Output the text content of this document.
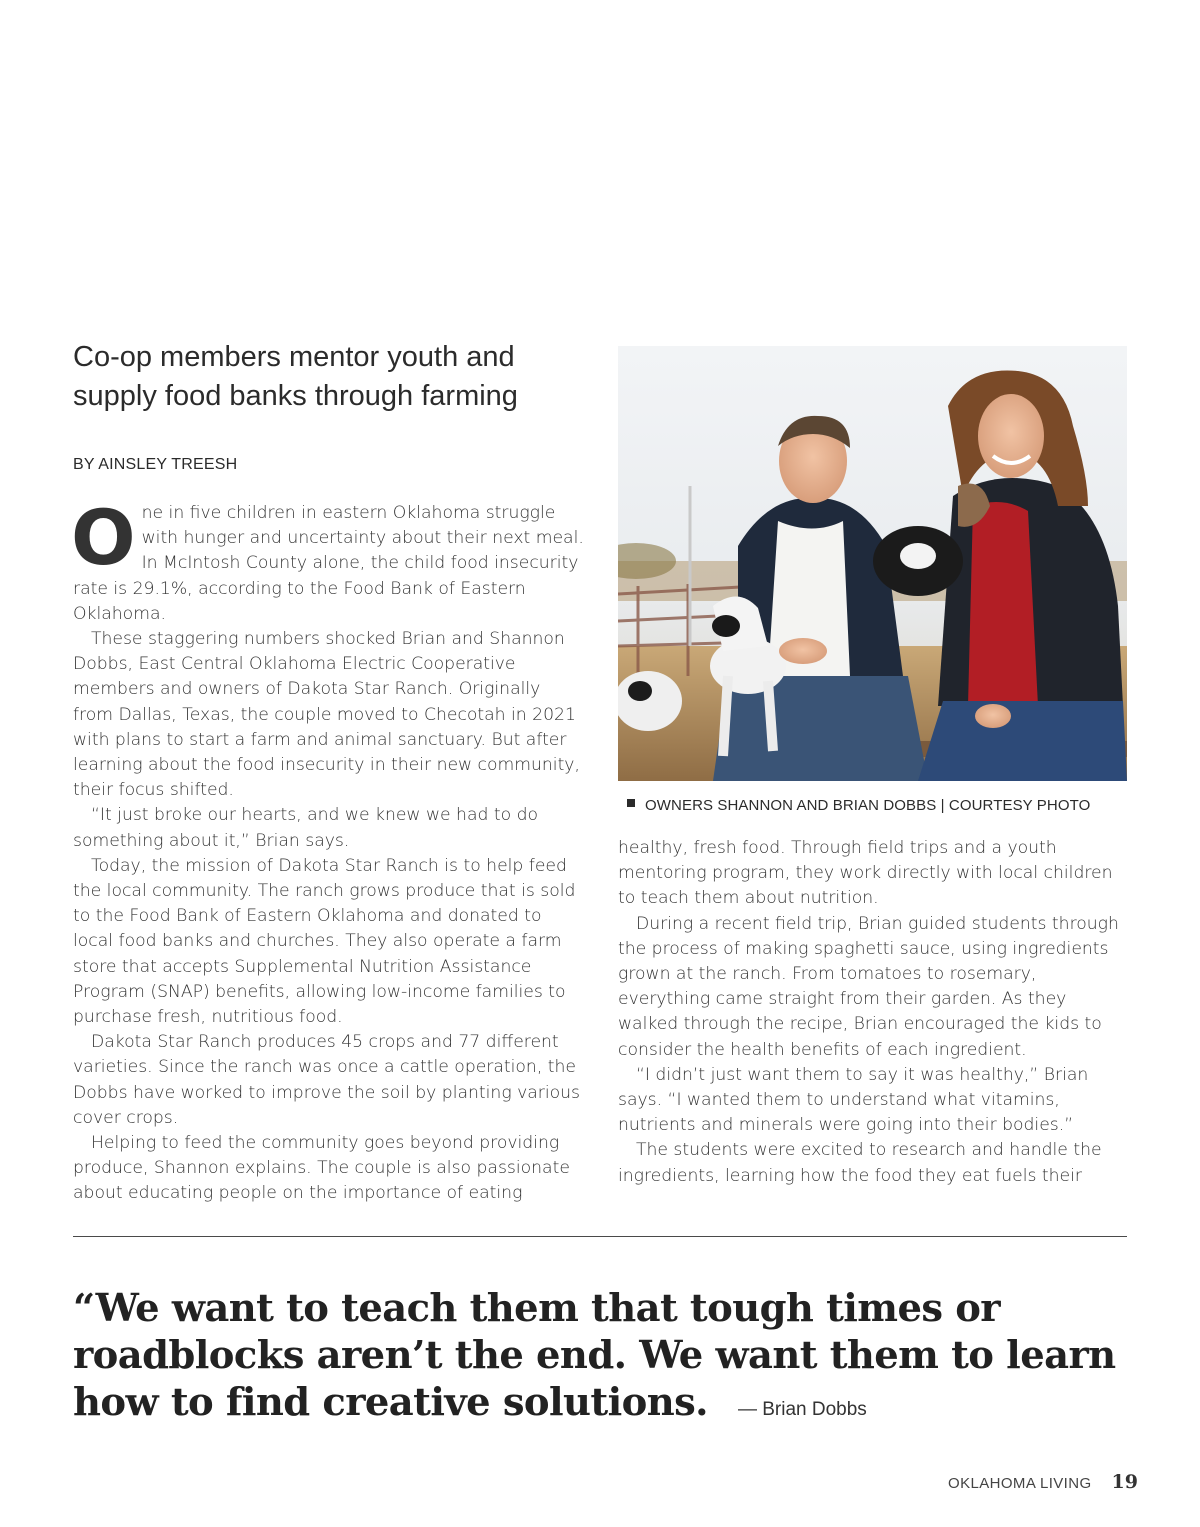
Co-op members mentor youth and supply food banks through farming
BY AINSLEY TREESH

One in five children in eastern Oklahoma struggle with hunger and uncertainty about their next meal. In McIntosh County alone, the child food insecurity rate is 29.1%, according to the Food Bank of Eastern Oklahoma.

These staggering numbers shocked Brian and Shannon Dobbs, East Central Oklahoma Electric Cooperative members and owners of Dakota Star Ranch. Originally from Dallas, Texas, the couple moved to Checotah in 2021 with plans to start a farm and animal sanctuary. But after learning about the food insecurity in their new community, their focus shifted.

“It just broke our hearts, and we knew we had to do something about it,” Brian says.

Today, the mission of Dakota Star Ranch is to help feed the local community. The ranch grows produce that is sold to the Food Bank of Eastern Oklahoma and donated to local food banks and churches. They also operate a farm store that accepts Supplemental Nutrition Assistance Program (SNAP) benefits, allowing low-income families to purchase fresh, nutritious food.

Dakota Star Ranch produces 45 crops and 77 different varieties. Since the ranch was once a cattle operation, the Dobbs have worked to improve the soil by planting various cover crops.

Helping to feed the community goes beyond providing produce, Shannon explains. The couple is also passionate about educating people on the importance of eating

OWNERS SHANNON AND BRIAN DOBBS | COURTESY PHOTO

healthy, fresh food. Through field trips and a youth mentoring program, they work directly with local children to teach them about nutrition.

During a recent field trip, Brian guided students through the process of making spaghetti sauce, using ingredients grown at the ranch. From tomatoes to rosemary, everything came straight from their garden. As they walked through the recipe, Brian encouraged the kids to consider the health benefits of each ingredient.

“I didn’t just want them to say it was healthy,” Brian says. “I wanted them to understand what vitamins, nutrients and minerals were going into their bodies.”

The students were excited to research and handle the ingredients, learning how the food they eat fuels their

“We want to teach them that tough times or roadblocks aren’t the end. We want them to learn how to find creative solutions. — Brian Dobbs

OKLAHOMA LIVING 19
